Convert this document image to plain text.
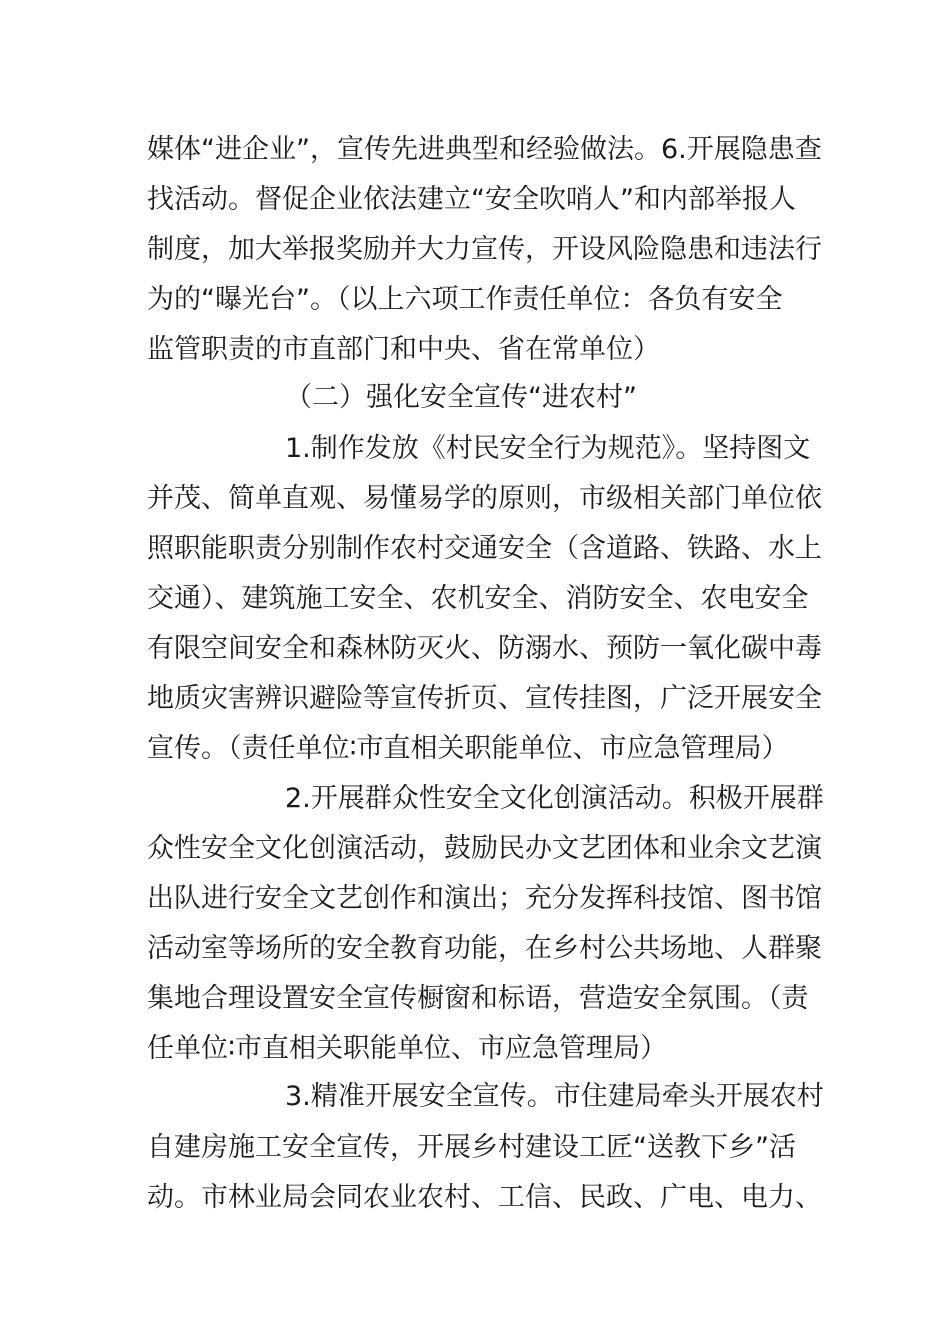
媒体“进企业”，宣传先进典型和经验做法。6.开展隐患查
找活动。督促企业依法建立“安全吹哨人”和内部举报人
制度，加大举报奖励并大力宣传，开设风险隐患和违法行
为的“曝光台”。（以上六项工作责任单位：各负有安全
监管职责的市直部门和中央、省在常单位）
（二）强化安全宣传“进农村”
1.制作发放《村民安全行为规范》。坚持图文
并茂、简单直观、易懂易学的原则，市级相关部门单位依
照职能职责分别制作农村交通安全（含道路、铁路、水上
交通）、建筑施工安全、农机安全、消防安全、农电安全
有限空间安全和森林防灭火、防溺水、预防一氧化碳中毒
地质灾害辨识避险等宣传折页、宣传挂图，广泛开展安全
宣传。（责任单位∶市直相关职能单位、市应急管理局）
2.开展群众性安全文化创演活动。积极开展群
众性安全文化创演活动，鼓励民办文艺团体和业余文艺演
出队进行安全文艺创作和演出；充分发挥科技馆、图书馆
活动室等场所的安全教育功能，在乡村公共场地、人群聚
集地合理设置安全宣传橱窗和标语，营造安全氛围。（责
任单位∶市直相关职能单位、市应急管理局）
3.精准开展安全宣传。市住建局牵头开展农村
自建房施工安全宣传，开展乡村建设工匠“送教下乡”活
动。市林业局会同农业农村、工信、民政、广电、电力、
